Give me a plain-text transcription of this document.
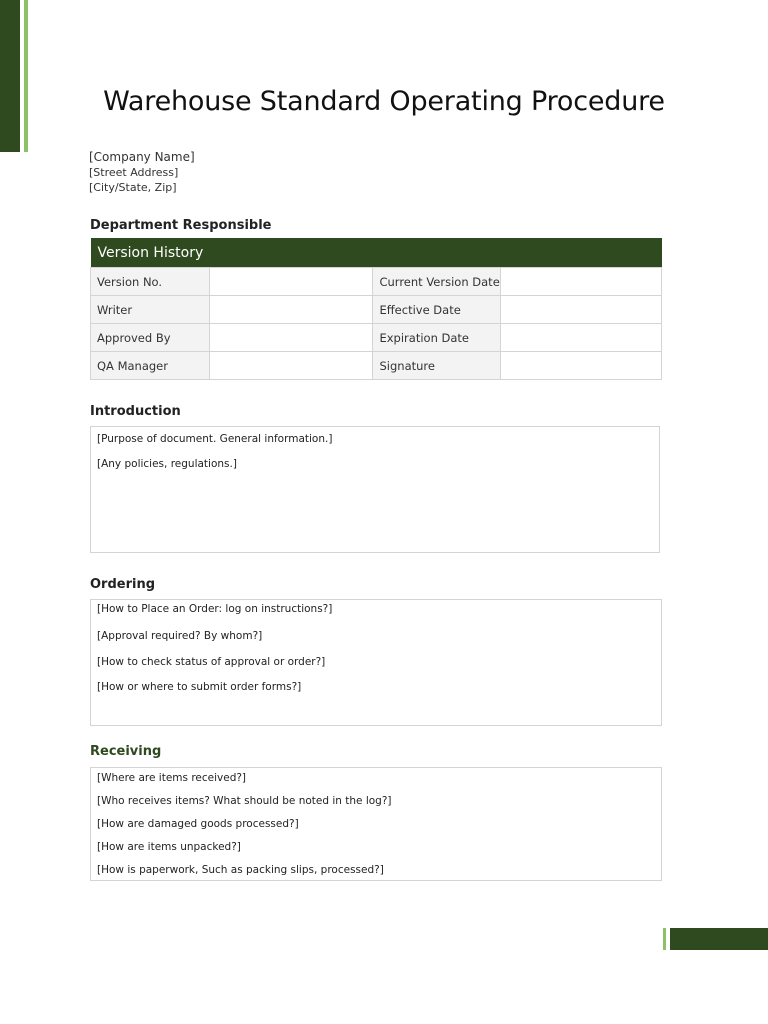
Warehouse Standard Operating Procedure
[Company Name]
[Street Address]
[City/State, Zip]
Department Responsible
Version History			
Version No.		Current Version Date	
Writer		Effective Date	
Approved By		Expiration Date	
QA Manager		Signature	
Introduction
[Purpose of document. General information.]
[Any policies, regulations.]
Ordering
[How to Place an Order: log on instructions?]
[Approval required? By whom?]
[How to check status of approval or order?]
[How or where to submit order forms?]
Receiving
[Where are items received?]
[Who receives items? What should be noted in the log?]
[How are damaged goods processed?]
[How are items unpacked?]
[How is paperwork, Such as packing slips, processed?]
